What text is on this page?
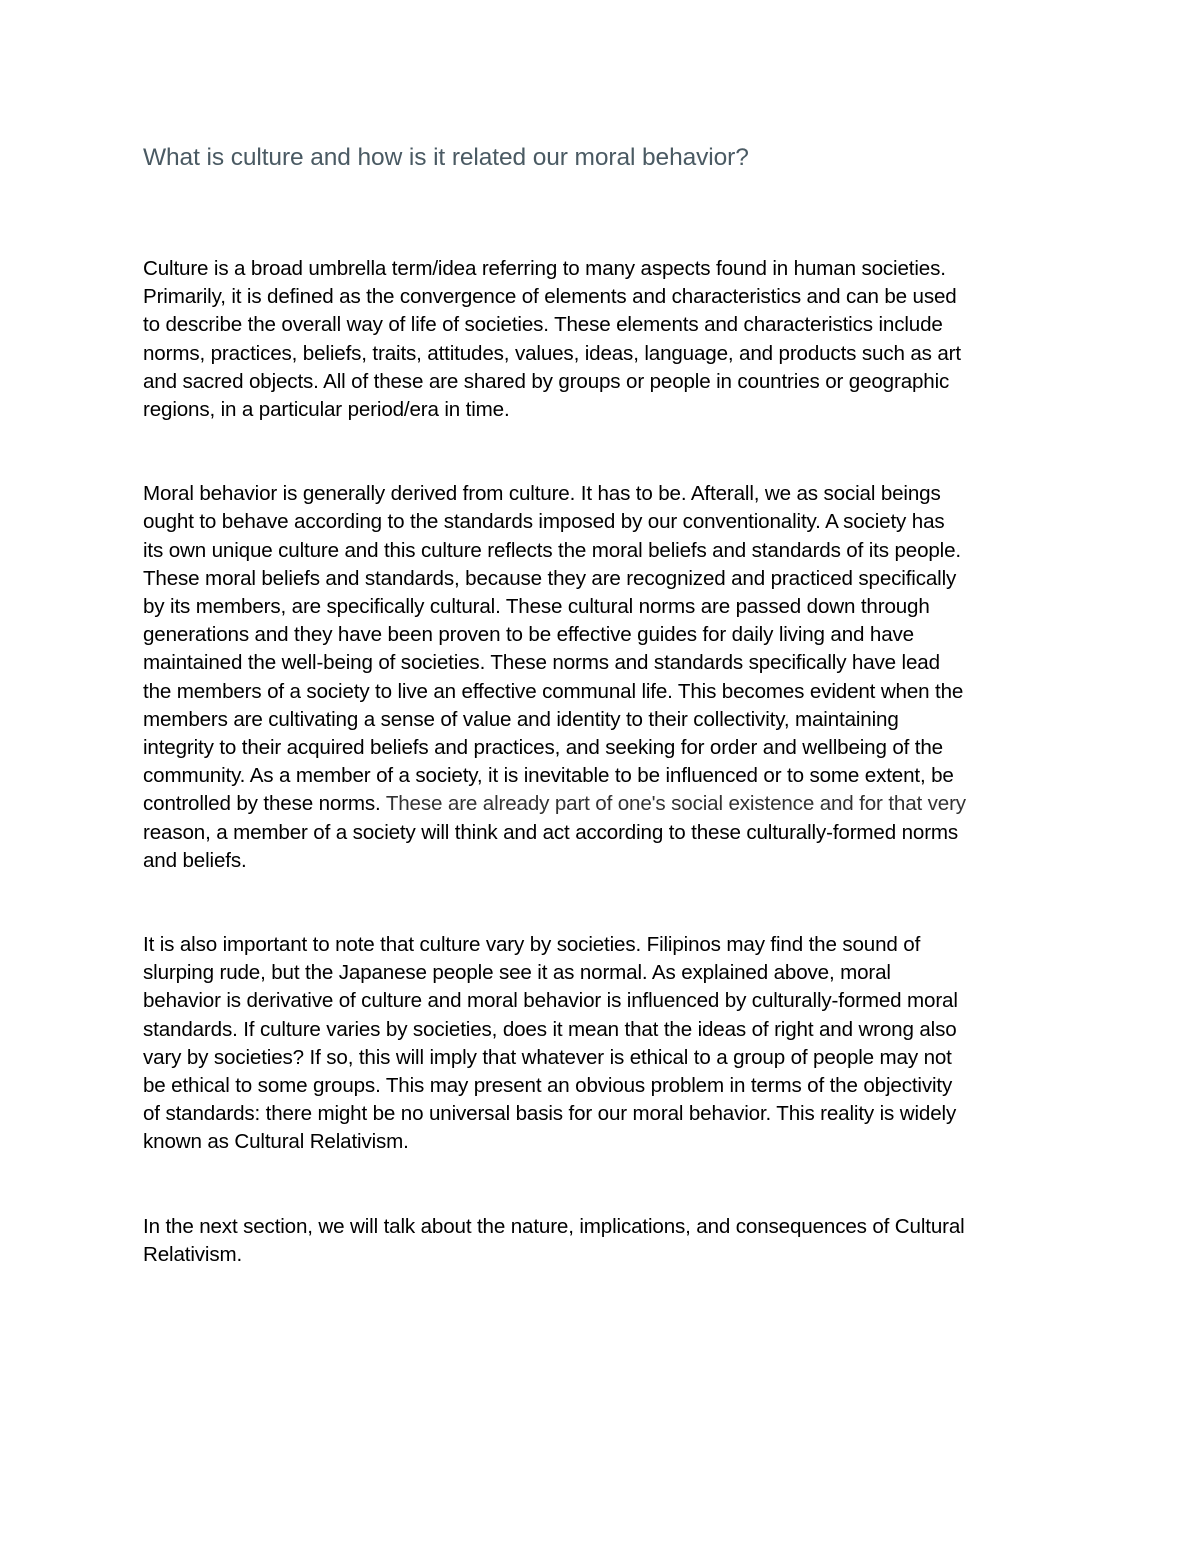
What is culture and how is it related our moral behavior?

Culture is a broad umbrella term/idea referring to many aspects found in human societies.
Primarily, it is defined as the convergence of elements and characteristics and can be used
to describe the overall way of life of societies. These elements and characteristics include
norms, practices, beliefs, traits, attitudes, values, ideas, language, and products such as art
and sacred objects. All of these are shared by groups or people in countries or geographic
regions, in a particular period/era in time.

Moral behavior is generally derived from culture. It has to be. Afterall, we as social beings
ought to behave according to the standards imposed by our conventionality. A society has
its own unique culture and this culture reflects the moral beliefs and standards of its people.
These moral beliefs and standards, because they are recognized and practiced specifically
by its members, are specifically cultural. These cultural norms are passed down through
generations and they have been proven to be effective guides for daily living and have
maintained the well-being of societies. These norms and standards specifically have lead
the members of a society to live an effective communal life. This becomes evident when the
members are cultivating a sense of value and identity to their collectivity, maintaining
integrity to their acquired beliefs and practices, and seeking for order and wellbeing of the
community. As a member of a society, it is inevitable to be influenced or to some extent, be
controlled by these norms. These are already part of one's social existence and for that very
reason, a member of a society will think and act according to these culturally-formed norms
and beliefs.

It is also important to note that culture vary by societies. Filipinos may find the sound of
slurping rude, but the Japanese people see it as normal. As explained above, moral
behavior is derivative of culture and moral behavior is influenced by culturally-formed moral
standards. If culture varies by societies, does it mean that the ideas of right and wrong also
vary by societies? If so, this will imply that whatever is ethical to a group of people may not
be ethical to some groups. This may present an obvious problem in terms of the objectivity
of standards: there might be no universal basis for our moral behavior. This reality is widely
known as Cultural Relativism.

In the next section, we will talk about the nature, implications, and consequences of Cultural
Relativism.
